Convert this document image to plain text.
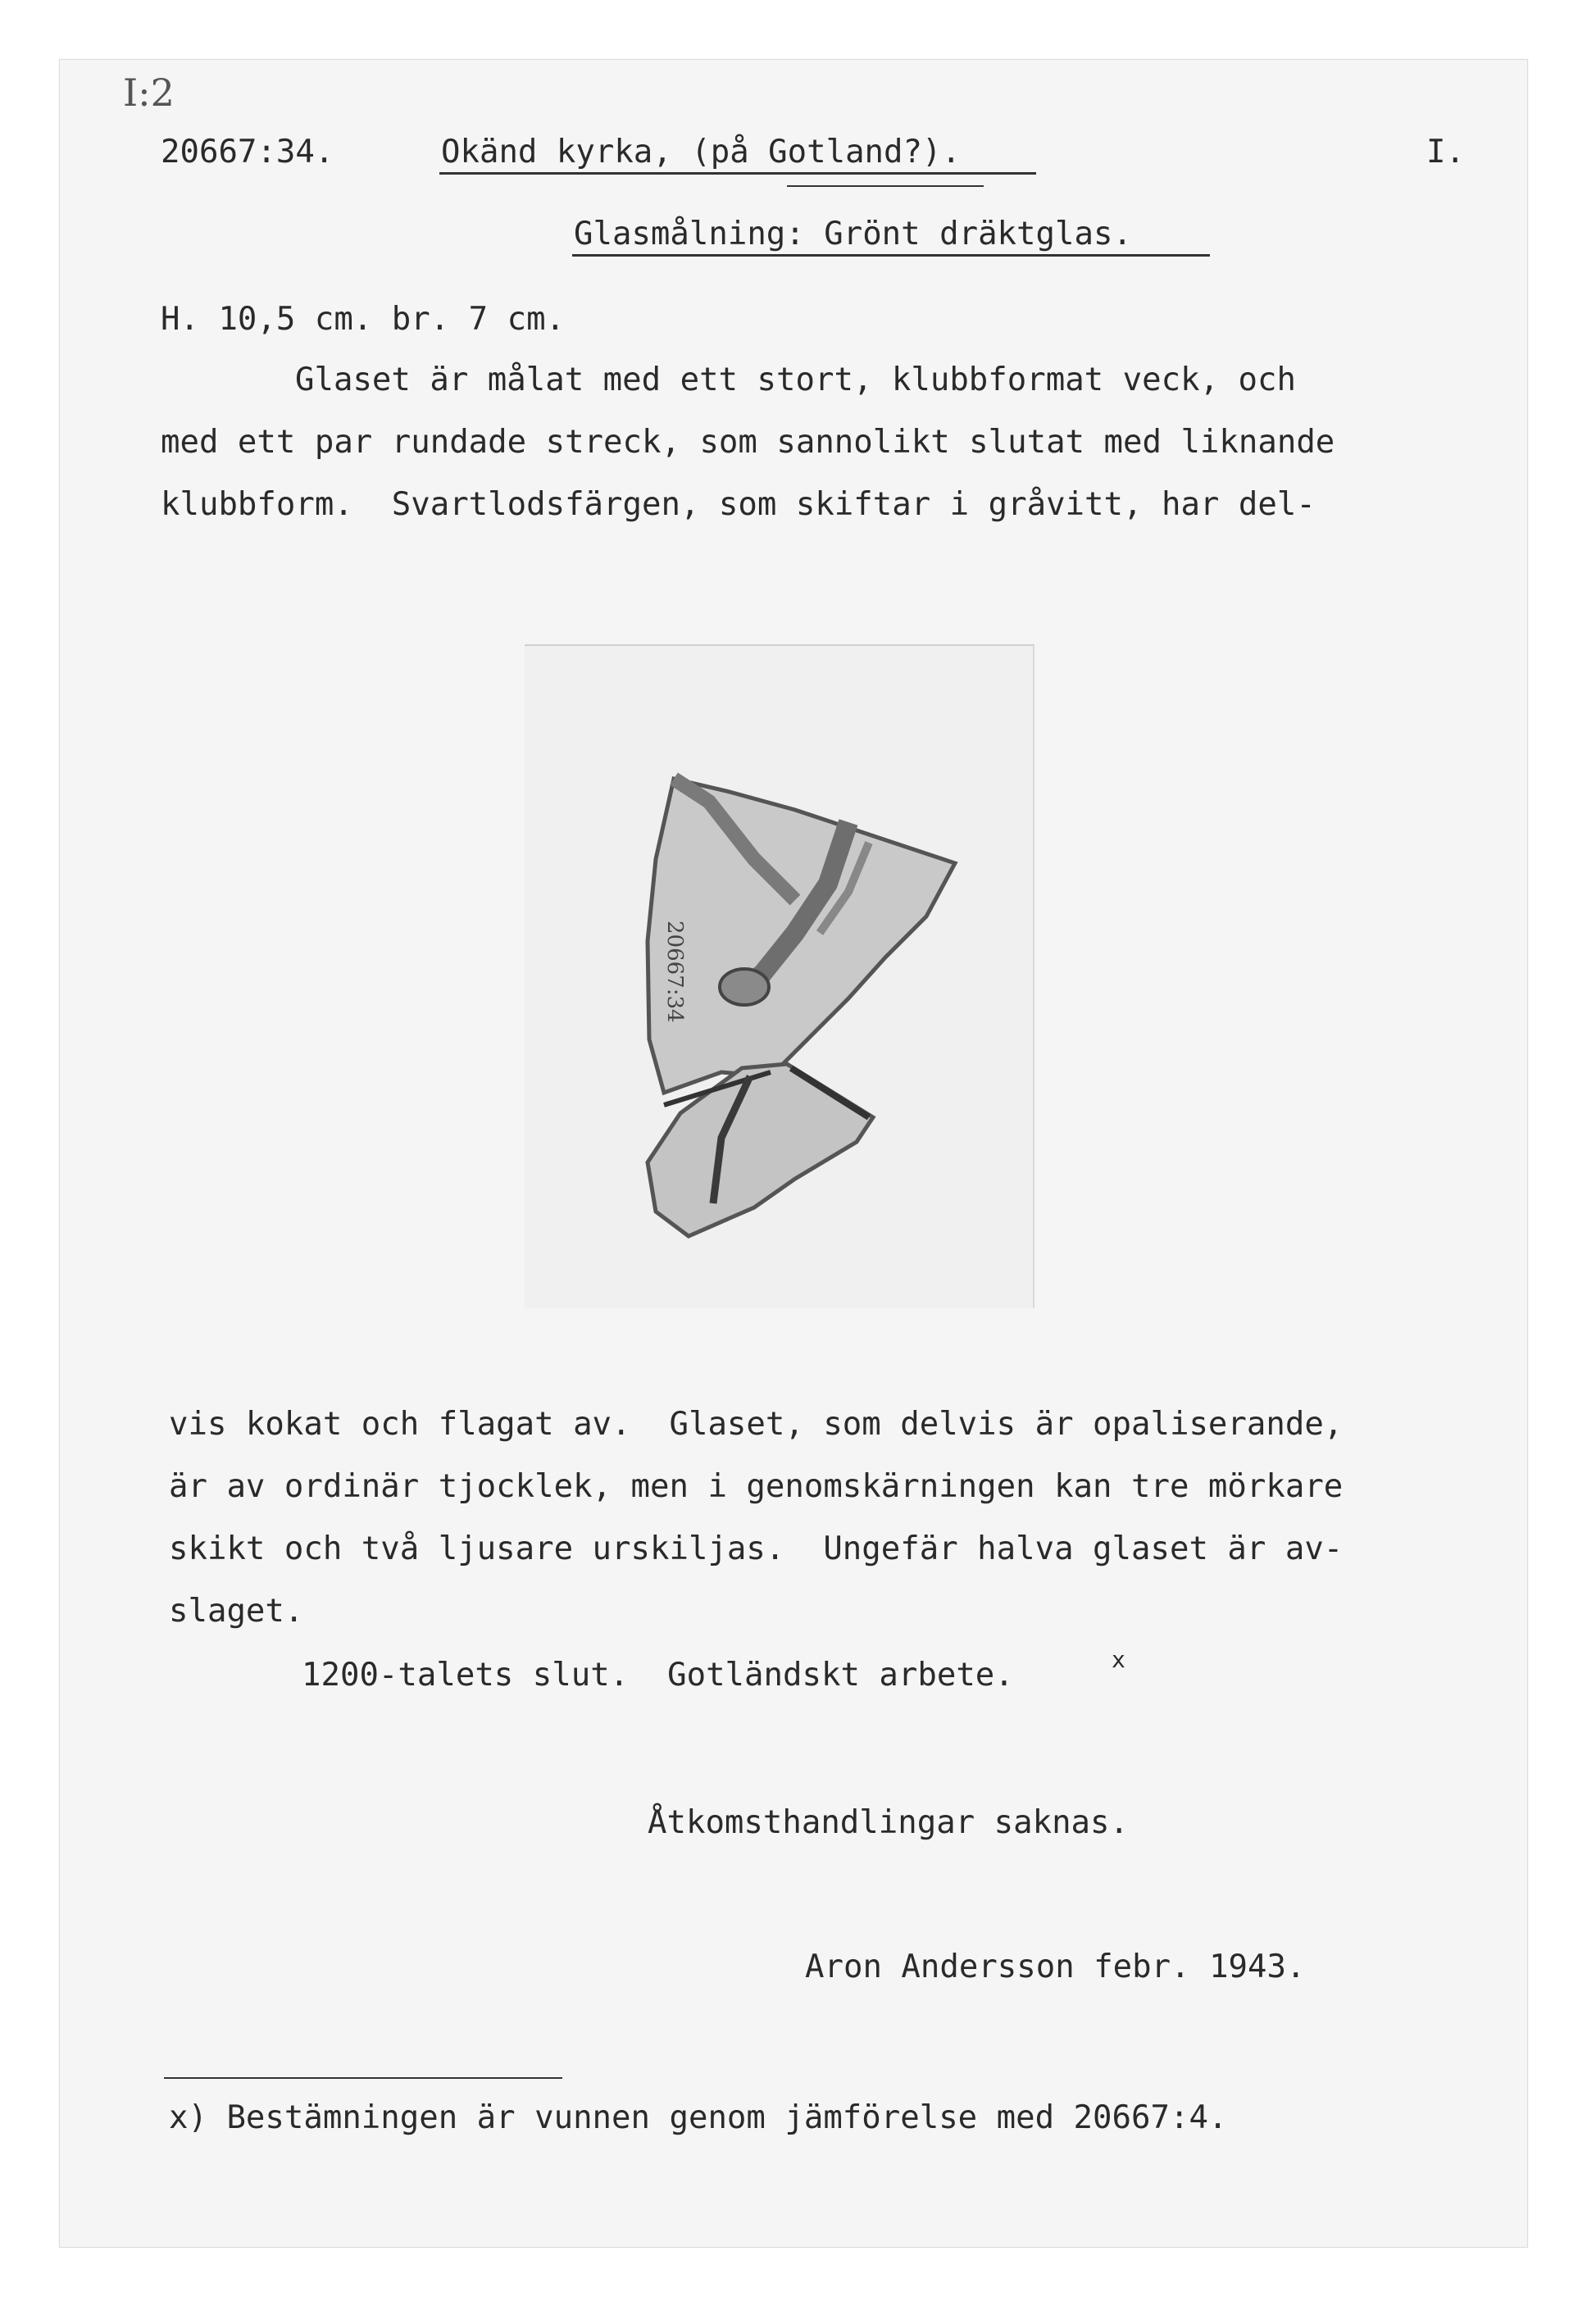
I:2
20667:34.	Okänd kyrka, (på Gotland?).	I.
Glasmålning: Grönt dräktglas.
H. 10,5 cm. br. 7 cm.
Glaset är målat med ett stort, klubbformat veck, och
med ett par rundade streck, som sannolikt slutat med liknande
klubbform.  Svartlodsfärgen, som skiftar i gråvitt, har del-
20667:34
vis kokat och flagat av.  Glaset, som delvis är opaliserande,
är av ordinär tjocklek, men i genomskärningen kan tre mörkare
skikt och två ljusare urskiljas.  Ungefär halva glaset är av-
slaget.
1200-talets slut.  Gotländskt arbete.	x
Åtkomsthandlingar saknas.
Aron Andersson febr. 1943.
x) Bestämningen är vunnen genom jämförelse med 20667:4.
